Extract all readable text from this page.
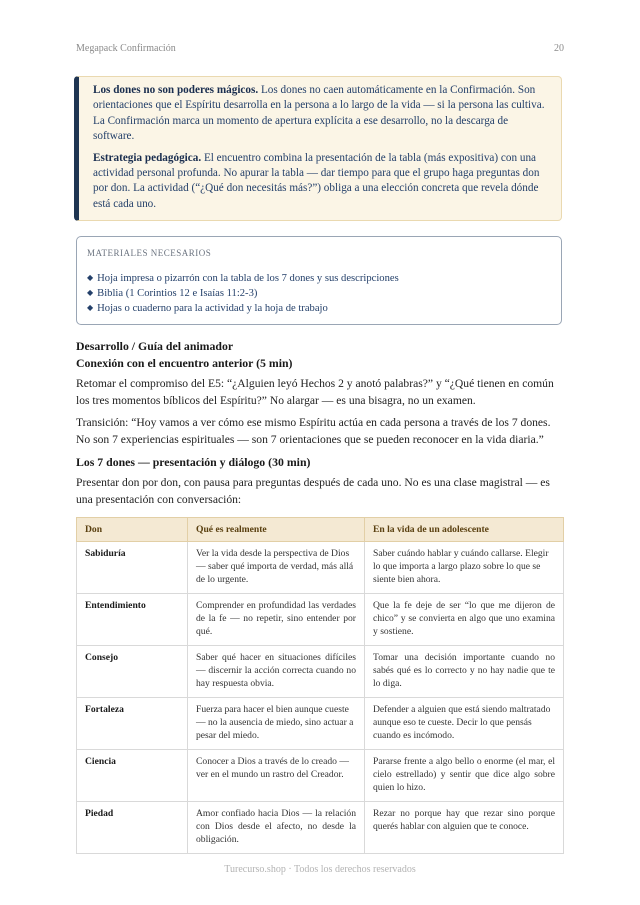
Megapack Confirmación	20

Los dones no son poderes mágicos. Los dones no caen automáticamente en la Confirmación. Son orientaciones que el Espíritu desarrolla en la persona a lo largo de la vida — si la persona las cultiva. La Confirmación marca un momento de apertura explícita a ese desarrollo, no la descarga de software.

Estrategia pedagógica. El encuentro combina la presentación de la tabla (más expositiva) con una actividad personal profunda. No apurar la tabla — dar tiempo para que el grupo haga preguntas don por don. La actividad (“¿Qué don necesitás más?”) obliga a una elección concreta que revela dónde está cada uno.

MATERIALES NECESARIOS
◆ Hoja impresa o pizarrón con la tabla de los 7 dones y sus descripciones
◆ Biblia (1 Corintios 12 e Isaías 11:2-3)
◆ Hojas o cuaderno para la actividad y la hoja de trabajo
Desarrollo / Guía del animador
Conexión con el encuentro anterior (5 min)

Retomar el compromiso del E5: “¿Alguien leyó Hechos 2 y anotó palabras?” y “¿Qué tienen en común los tres momentos bíblicos del Espíritu?” No alargar — es una bisagra, no un examen.

Transición: “Hoy vamos a ver cómo ese mismo Espíritu actúa en cada persona a través de los 7 dones. No son 7 experiencias espirituales — son 7 orientaciones que se pueden reconocer en la vida diaria.”

Los 7 dones — presentación y diálogo (30 min)

Presentar don por don, con pausa para preguntas después de cada uno. No es una clase magistral — es una presentación con conversación:

Don	Qué es realmente	En la vida de un adolescente
Sabiduría	Ver la vida desde la perspectiva de Dios — saber qué importa de verdad, más allá de lo urgente.	Saber cuándo hablar y cuándo callarse. Elegir lo que importa a largo plazo sobre lo que se siente bien ahora.
Entendimiento	Comprender en profundidad las verdades de la fe — no repetir, sino entender por qué.	Que la fe deje de ser “lo que me dijeron de chico” y se convierta en algo que uno examina y sostiene.
Consejo	Saber qué hacer en situaciones difíciles — discernir la acción correcta cuando no hay respuesta obvia.	Tomar una decisión importante cuando no sabés qué es lo correcto y no hay nadie que te lo diga.
Fortaleza	Fuerza para hacer el bien aunque cueste — no la ausencia de miedo, sino actuar a pesar del miedo.	Defender a alguien que está siendo maltratado aunque eso te cueste. Decir lo que pensás cuando es incómodo.
Ciencia	Conocer a Dios a través de lo creado — ver en el mundo un rastro del Creador.	Pararse frente a algo bello o enorme (el mar, el cielo estrellado) y sentir que dice algo sobre quien lo hizo.
Piedad	Amor confiado hacia Dios — la relación con Dios desde el afecto, no desde la obligación.	Rezar no porque hay que rezar sino porque querés hablar con alguien que te conoce.
Turecurso.shop · Todos los derechos reservados
